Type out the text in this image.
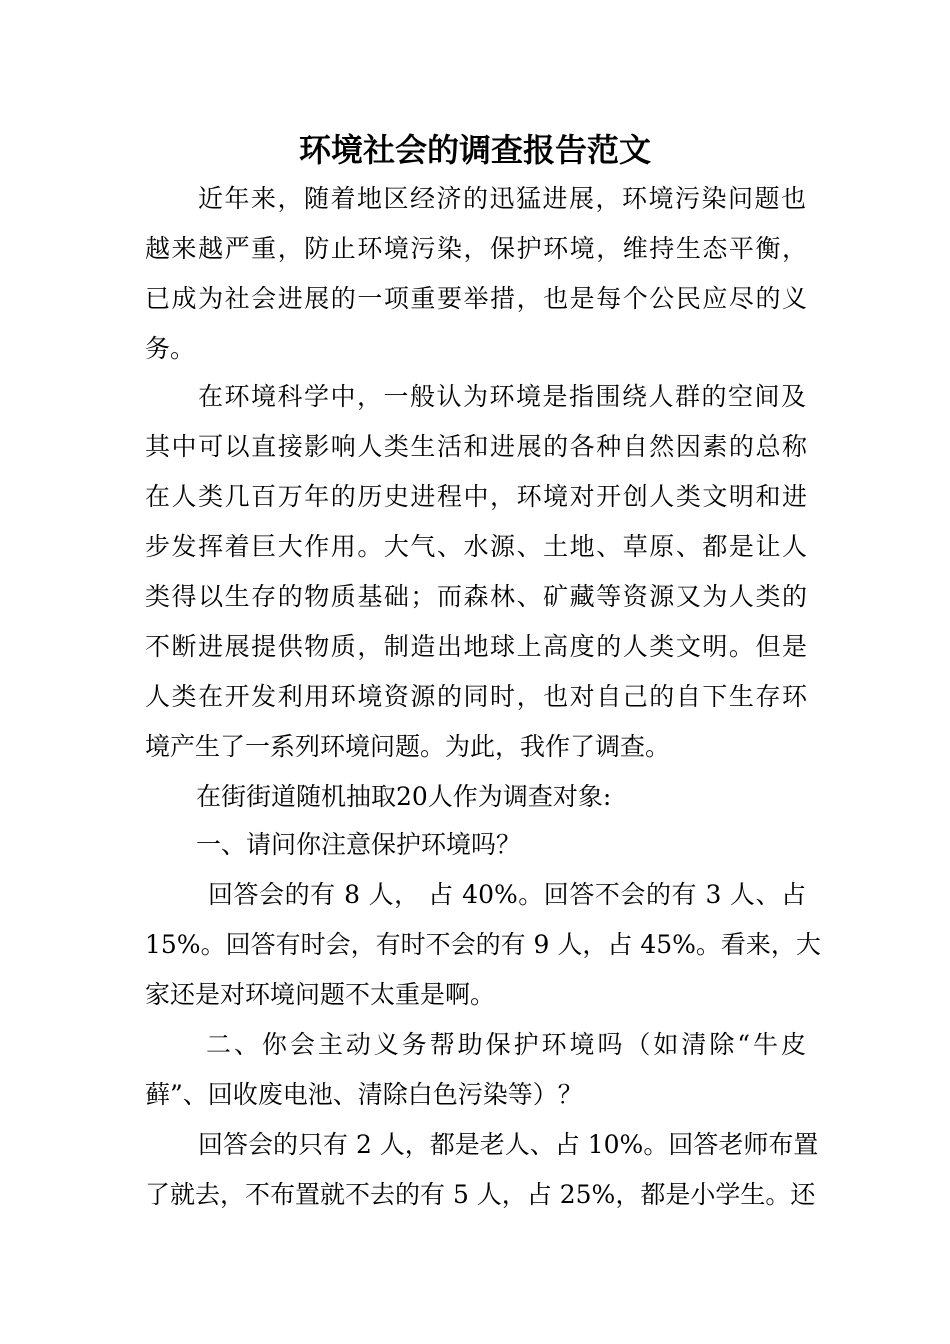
环境社会的调查报告范文

近年来，随着地区经济的迅猛进展，环境污染问题也

越来越严重，防止环境污染，保护环境，维持生态平衡，

已成为社会进展的一项重要举措，也是每个公民应尽的义

务。

在环境科学中，一般认为环境是指围绕人群的空间及

其中可以直接影响人类生活和进展的各种自然因素的总称

在人类几百万年的历史进程中，环境对开创人类文明和进

步发挥着巨大作用。大气、水源、土地、草原、都是让人

类得以生存的物质基础；而森林、矿藏等资源又为人类的

不断进展提供物质，制造出地球上高度的人类文明。但是

人类在开发利用环境资源的同时，也对自己的自下生存环

境产生了一系列环境问题。为此，我作了调查。

在街街道随机抽取20人作为调查对象:

一、请问你注意保护环境吗？

回答会的有 8 人， 占 40%。回答不会的有 3 人、占

15%。回答有时会，有时不会的有 9 人，占 45%。看来，大

家还是对环境问题不太重是啊。

二、你会主动义务帮助保护环境吗（如清除“牛皮

藓”、回收废电池、清除白色污染等）？

回答会的只有 2 人，都是老人、占 10%。回答老师布置

了就去，不布置就不去的有 5 人，占 25%，都是小学生。还
